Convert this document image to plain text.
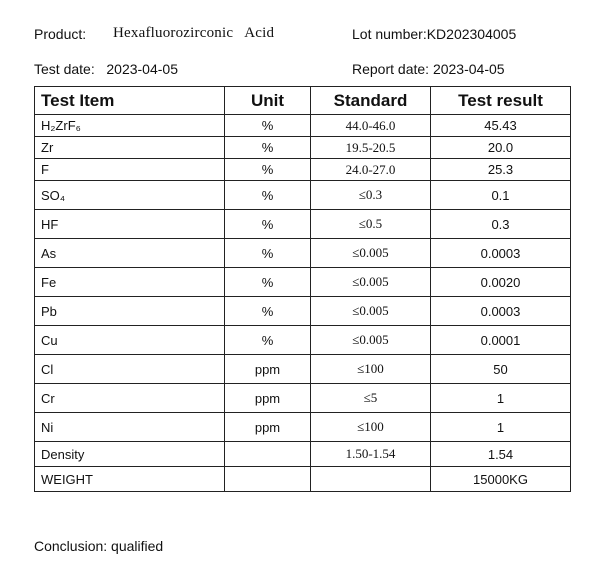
Product: Hexafluorozirconic   Acid	Lot number:KD202304005
Test date:   2023-04-05	Report date: 2023-04-05
Test Item	Unit	Standard	Test result
H₂ZrF₆	%	44.0-46.0	45.43
Zr	%	19.5-20.5	20.0
F	%	24.0-27.0	25.3
SO₄	%	≤0.3	0.1
HF	%	≤0.5	0.3
As	%	≤0.005	0.0003
Fe	%	≤0.005	0.0020
Pb	%	≤0.005	0.0003
Cu	%	≤0.005	0.0001
Cl	ppm	≤100	50
Cr	ppm	≤5	1
Ni	ppm	≤100	1
Density		1.50-1.54	1.54
WEIGHT			15000KG
Conclusion: qualified
